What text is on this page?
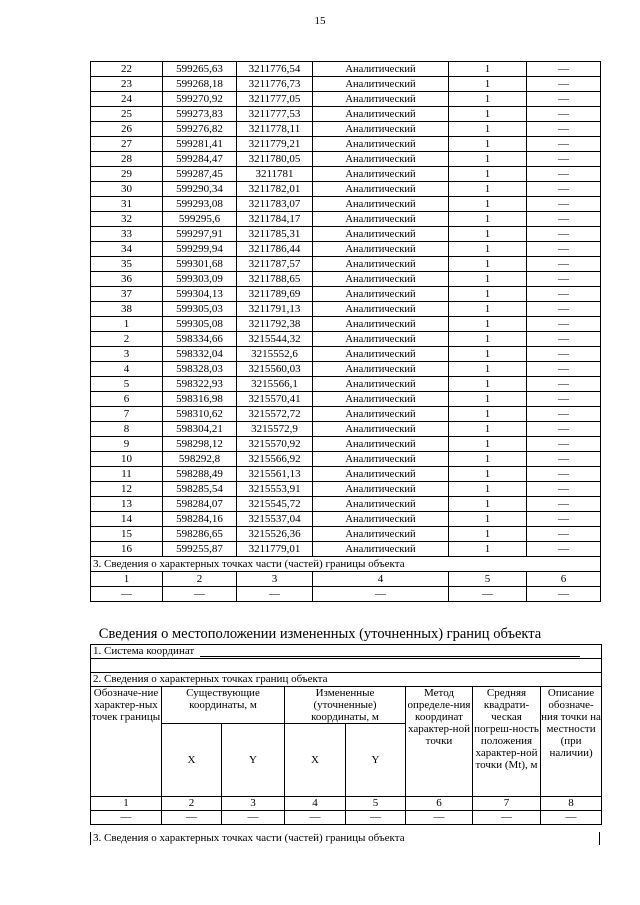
15
22	599265,63	3211776,54	Аналитический	1	—
23	599268,18	3211776,73	Аналитический	1	—
24	599270,92	3211777,05	Аналитический	1	—
25	599273,83	3211777,53	Аналитический	1	—
26	599276,82	3211778,11	Аналитический	1	—
27	599281,41	3211779,21	Аналитический	1	—
28	599284,47	3211780,05	Аналитический	1	—
29	599287,45	3211781	Аналитический	1	—
30	599290,34	3211782,01	Аналитический	1	—
31	599293,08	3211783,07	Аналитический	1	—
32	599295,6	3211784,17	Аналитический	1	—
33	599297,91	3211785,31	Аналитический	1	—
34	599299,94	3211786,44	Аналитический	1	—
35	599301,68	3211787,57	Аналитический	1	—
36	599303,09	3211788,65	Аналитический	1	—
37	599304,13	3211789,69	Аналитический	1	—
38	599305,03	3211791,13	Аналитический	1	—
1	599305,08	3211792,38	Аналитический	1	—
2	598334,66	3215544,32	Аналитический	1	—
3	598332,04	3215552,6	Аналитический	1	—
4	598328,03	3215560,03	Аналитический	1	—
5	598322,93	3215566,1	Аналитический	1	—
6	598316,98	3215570,41	Аналитический	1	—
7	598310,62	3215572,72	Аналитический	1	—
8	598304,21	3215572,9	Аналитический	1	—
9	598298,12	3215570,92	Аналитический	1	—
10	598292,8	3215566,92	Аналитический	1	—
11	598288,49	3215561,13	Аналитический	1	—
12	598285,54	3215553,91	Аналитический	1	—
13	598284,07	3215545,72	Аналитический	1	—
14	598284,16	3215537,04	Аналитический	1	—
15	598286,65	3215526,36	Аналитический	1	—
16	599255,87	3211779,01	Аналитический	1	—
3. Сведения о характерных точках части (частей) границы объекта					
1	2	3	4	5	6
—	—	—	—	—	—
Сведения о местоположении измененных (уточненных) границ объекта
1. Система координат							

2. Сведения о характерных точках границ объекта							
Обозначе-ние характер-ных точек границы	Существующие координаты, м		Измененные (уточненные) координаты, м		Метод определе-ния координат характер-ной точки	Средняя квадрати-ческая погреш-ность положения характер-ной точки (Mt), м	Описание обозначе-ния точки на местности (при наличии)
	X	Y	X	Y			
1	2	3	4	5	6	7	8
—	—	—	—	—	—	—	—
3. Сведения о характерных точках части (частей) границы объекта
